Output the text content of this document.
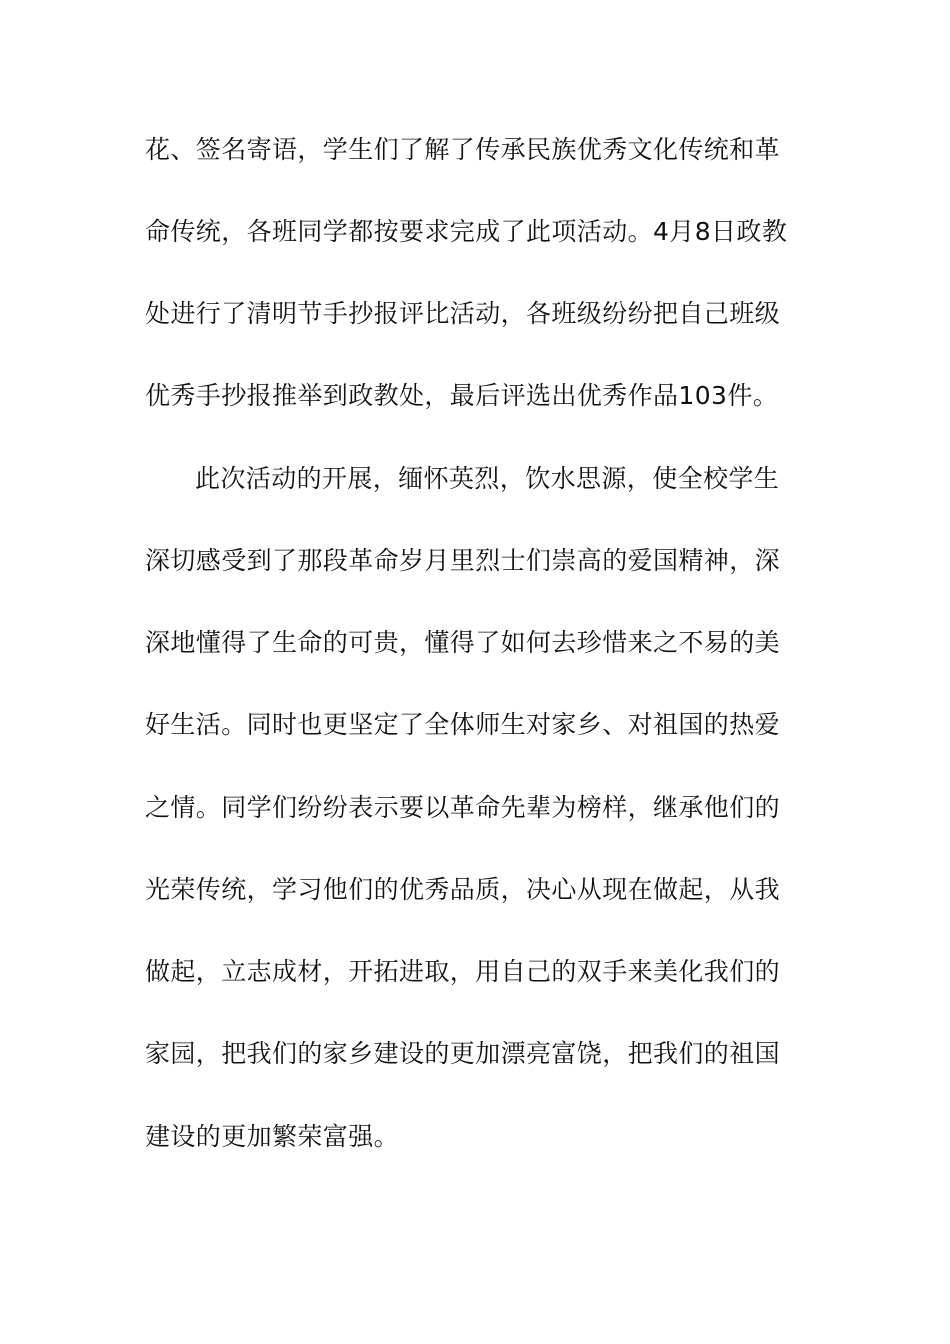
花、签名寄语，学生们了解了传承民族优秀文化传统和革
命传统，各班同学都按要求完成了此项活动。4月8日政教
处进行了清明节手抄报评比活动，各班级纷纷把自己班级
优秀手抄报推举到政教处，最后评选出优秀作品103件。
此次活动的开展，缅怀英烈，饮水思源，使全校学生
深切感受到了那段革命岁月里烈士们崇高的爱国精神，深
深地懂得了生命的可贵，懂得了如何去珍惜来之不易的美
好生活。同时也更坚定了全体师生对家乡、对祖国的热爱
之情。同学们纷纷表示要以革命先辈为榜样，继承他们的
光荣传统，学习他们的优秀品质，决心从现在做起，从我
做起，立志成材，开拓进取，用自己的双手来美化我们的
家园，把我们的家乡建设的更加漂亮富饶，把我们的祖国
建设的更加繁荣富强。
